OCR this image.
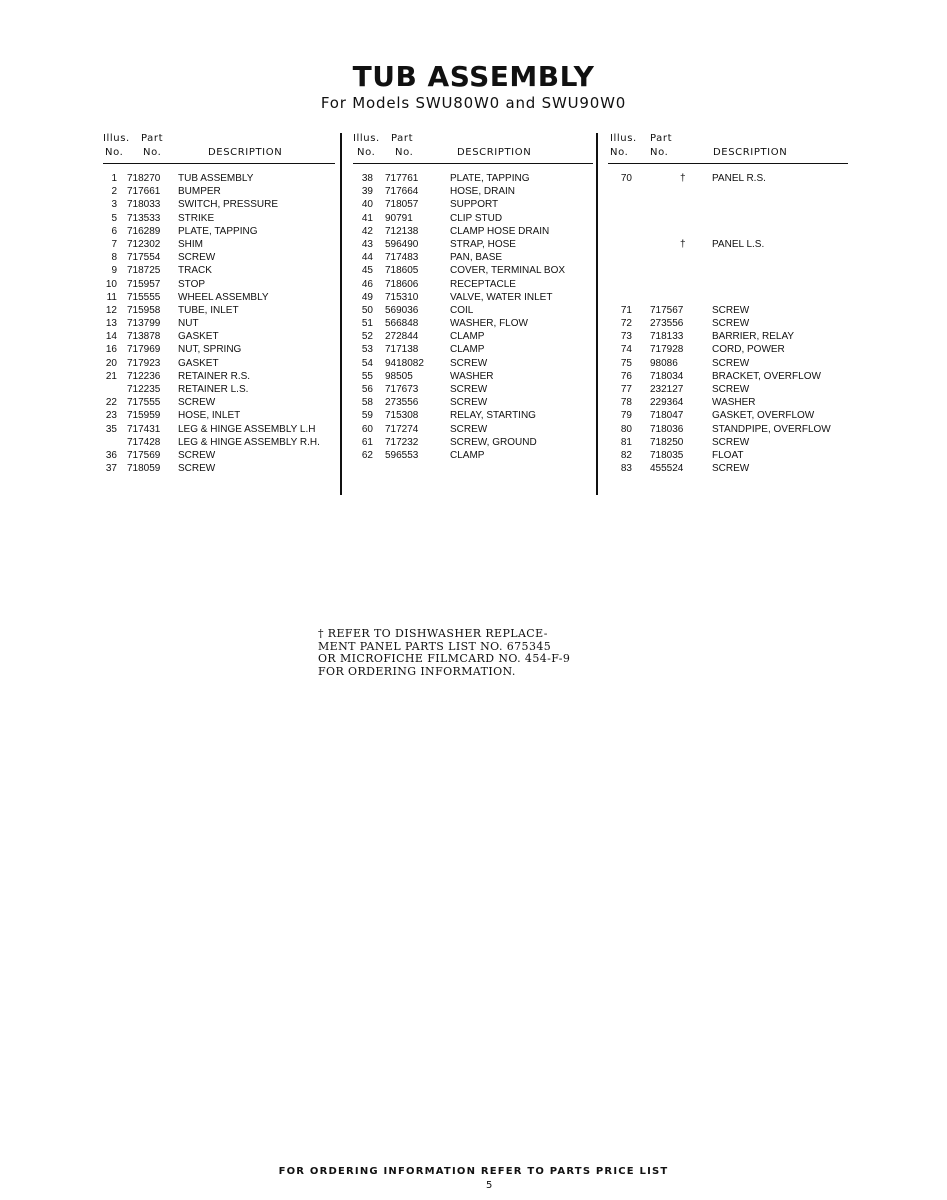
TUB ASSEMBLY
For Models SWU80W0 and SWU90W0
Illus. Part
No. No.	DESCRIPTION
1 718270 TUB ASSEMBLY
2 717661 BUMPER
3 718033 SWITCH, PRESSURE
5 713533 STRIKE
6 716289 PLATE, TAPPING
7 712302 SHIM
8 717554 SCREW
9 718725 TRACK
10 715957 STOP
11 715555 WHEEL ASSEMBLY
12 715958 TUBE, INLET
13 713799 NUT
14 713878 GASKET
16 717969 NUT, SPRING
20 717923 GASKET
21 712236 RETAINER R.S.
712235 RETAINER L.S.
22 717555 SCREW
23 715959 HOSE, INLET
35 717431 LEG & HINGE ASSEMBLY L.H
717428 LEG & HINGE ASSEMBLY R.H.
36 717569 SCREW
37 718059 SCREW
Illus. Part
No. No.	DESCRIPTION
38 717761	PLATE, TAPPING
39 717664	HOSE, DRAIN
40 718057	SUPPORT
41 90791	CLIP STUD
42 712138	CLAMP HOSE DRAIN
43 596490	STRAP, HOSE
44 717483	PAN, BASE
45 718605	COVER, TERMINAL BOX
46 718606	RECEPTACLE
49 715310	VALVE, WATER INLET
50 569036	COIL
51 566848	WASHER, FLOW
52 272844	CLAMP
53 717138	CLAMP
54 9418082	SCREW
55 98505	WASHER
56 717673	SCREW
58 273556	SCREW
59 715308	RELAY, STARTING
60 717274	SCREW
61 717232	SCREW, GROUND
62 596553	CLAMP
Illus. Part
No. No.	DESCRIPTION
70	†	PANEL R.S.
†	PANEL L.S.
71 717567	SCREW
72 273556	SCREW
73 718133	BARRIER, RELAY
74 717928	CORD, POWER
75 98086	SCREW
76 718034	BRACKET, OVERFLOW
77 232127	SCREW
78 229364	WASHER
79 718047	GASKET, OVERFLOW
80 718036	STANDPIPE, OVERFLOW
81 718250	SCREW
82 718035	FLOAT
83 455524	SCREW
† REFER TO DISHWASHER REPLACE-
MENT PANEL PARTS LIST NO. 675345
OR MICROFICHE FILMCARD NO. 454-F-9
FOR ORDERING INFORMATION.
FOR ORDERING INFORMATION REFER TO PARTS PRICE LIST
5
